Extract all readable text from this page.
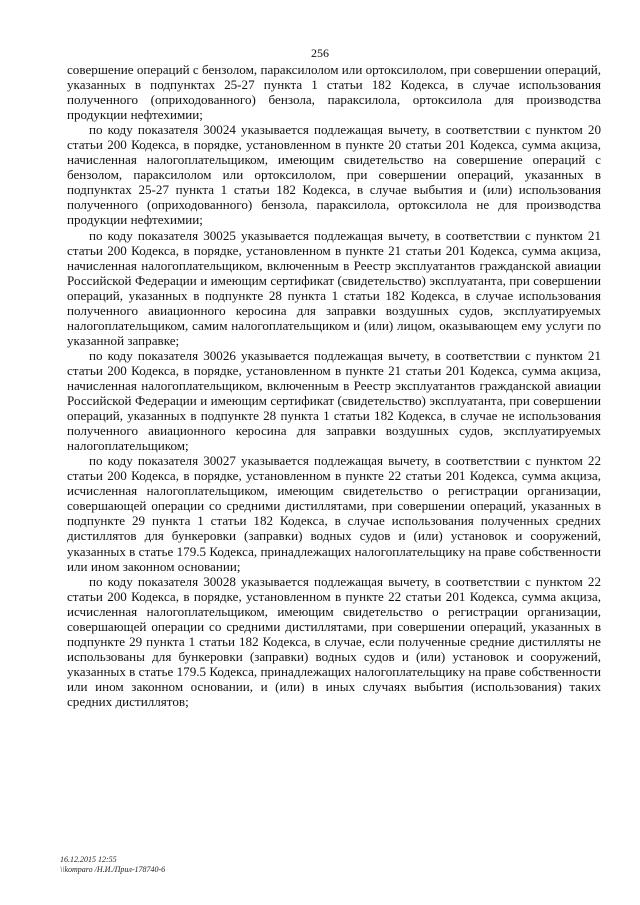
256

совершение операций с бензолом, параксилолом или ортоксилолом, при совершении операций, указанных в подпунктах 25-27 пункта 1 статьи 182 Кодекса, в случае использования полученного (оприходованного) бензола, параксилола, ортоксилола для производства продукции нефтехимии;

по коду показателя 30024 указывается подлежащая вычету, в соответствии с пунктом 20 статьи 200 Кодекса, в порядке, установленном в пункте 20 статьи 201 Кодекса, сумма акциза, начисленная налогоплательщиком, имеющим свидетельство на совершение операций с бензолом, параксилолом или ортоксилолом, при совершении операций, указанных в подпунктах 25-27 пункта 1 статьи 182 Кодекса, в случае выбытия и (или) использования полученного (оприходованного) бензола, параксилола, ортоксилола не для производства продукции нефтехимии;

по коду показателя 30025 указывается подлежащая вычету, в соответствии с пунктом 21 статьи 200 Кодекса, в порядке, установленном в пункте 21 статьи 201 Кодекса, сумма акциза, начисленная налогоплательщиком, включенным в Реестр эксплуатантов гражданской авиации Российской Федерации и имеющим сертификат (свидетельство) эксплуатанта, при совершении операций, указанных в подпункте 28 пункта 1 статьи 182 Кодекса, в случае использования полученного авиационного керосина для заправки воздушных судов, эксплуатируемых налогоплательщиком, самим налогоплательщиком и (или) лицом, оказывающем ему услуги по указанной заправке;

по коду показателя 30026 указывается подлежащая вычету, в соответствии с пунктом 21 статьи 200 Кодекса, в порядке, установленном в пункте 21 статьи 201 Кодекса, сумма акциза, начисленная налогоплательщиком, включенным в Реестр эксплуатантов гражданской авиации Российской Федерации и имеющим сертификат (свидетельство) эксплуатанта, при совершении операций, указанных в подпункте 28 пункта 1 статьи 182 Кодекса, в случае не использования полученного авиационного керосина для заправки воздушных судов, эксплуатируемых налогоплательщиком;

по коду показателя 30027 указывается подлежащая вычету, в соответствии с пунктом 22 статьи 200 Кодекса, в порядке, установленном в пункте 22 статьи 201 Кодекса, сумма акциза, исчисленная налогоплательщиком, имеющим свидетельство о регистрации организации, совершающей операции со средними дистиллятами, при совершении операций, указанных в подпункте 29 пункта 1 статьи 182 Кодекса, в случае использования полученных средних дистиллятов для бункеровки (заправки) водных судов и (или) установок и сооружений, указанных в статье 179.5 Кодекса, принадлежащих налогоплательщику на праве собственности или ином законном основании;

по коду показателя 30028 указывается подлежащая вычету, в соответствии с пунктом 22 статьи 200 Кодекса, в порядке, установленном в пункте 22 статьи 201 Кодекса, сумма акциза, исчисленная налогоплательщиком, имеющим свидетельство о регистрации организации, совершающей операции со средними дистиллятами, при совершении операций, указанных в подпункте 29 пункта 1 статьи 182 Кодекса, в случае, если полученные средние дистилляты не использованы для бункеровки (заправки) водных судов и (или) установок и сооружений, указанных в статье 179.5 Кодекса, принадлежащих налогоплательщику на праве собственности или ином законном основании, и (или) в иных случаях выбытия (использования) таких средних дистиллятов;

16.12.2015 12:55
\\komparo /Н.И./Прил-178740-6
